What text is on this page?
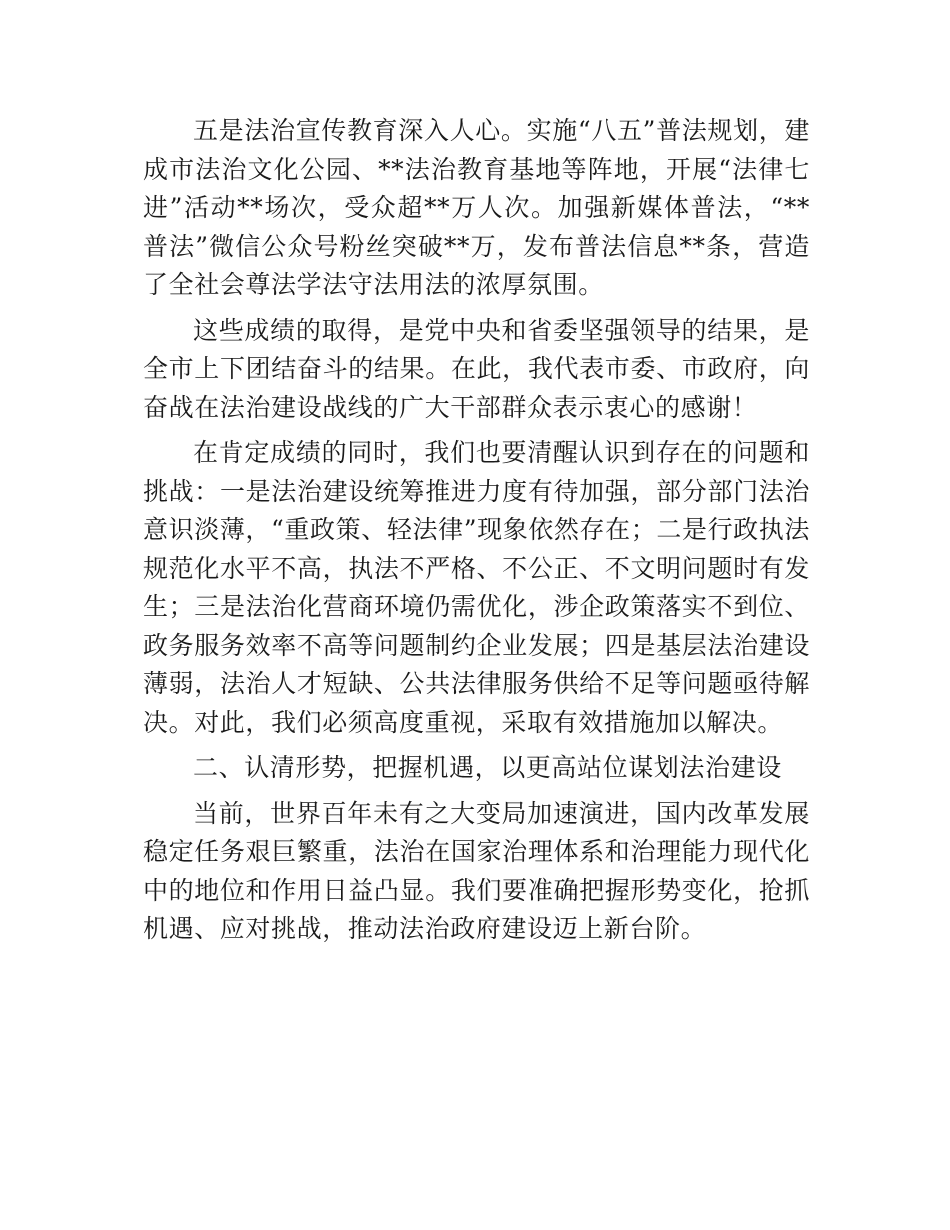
五是法治宣传教育深入人心。实施“八五”普法规划，建成市法治文化公园、**法治教育基地等阵地，开展“法律七进”活动**场次，受众超**万人次。加强新媒体普法，“**普法”微信公众号粉丝突破**万，发布普法信息**条，营造了全社会尊法学法守法用法的浓厚氛围。

这些成绩的取得，是党中央和省委坚强领导的结果，是全市上下团结奋斗的结果。在此，我代表市委、市政府，向奋战在法治建设战线的广大干部群众表示衷心的感谢！

在肯定成绩的同时，我们也要清醒认识到存在的问题和挑战：一是法治建设统筹推进力度有待加强，部分部门法治意识淡薄，“重政策、轻法律”现象依然存在；二是行政执法规范化水平不高，执法不严格、不公正、不文明问题时有发生；三是法治化营商环境仍需优化，涉企政策落实不到位、政务服务效率不高等问题制约企业发展；四是基层法治建设薄弱，法治人才短缺、公共法律服务供给不足等问题亟待解决。对此，我们必须高度重视，采取有效措施加以解决。

二、认清形势，把握机遇，以更高站位谋划法治建设

当前，世界百年未有之大变局加速演进，国内改革发展稳定任务艰巨繁重，法治在国家治理体系和治理能力现代化中的地位和作用日益凸显。我们要准确把握形势变化，抢抓机遇、应对挑战，推动法治政府建设迈上新台阶。
